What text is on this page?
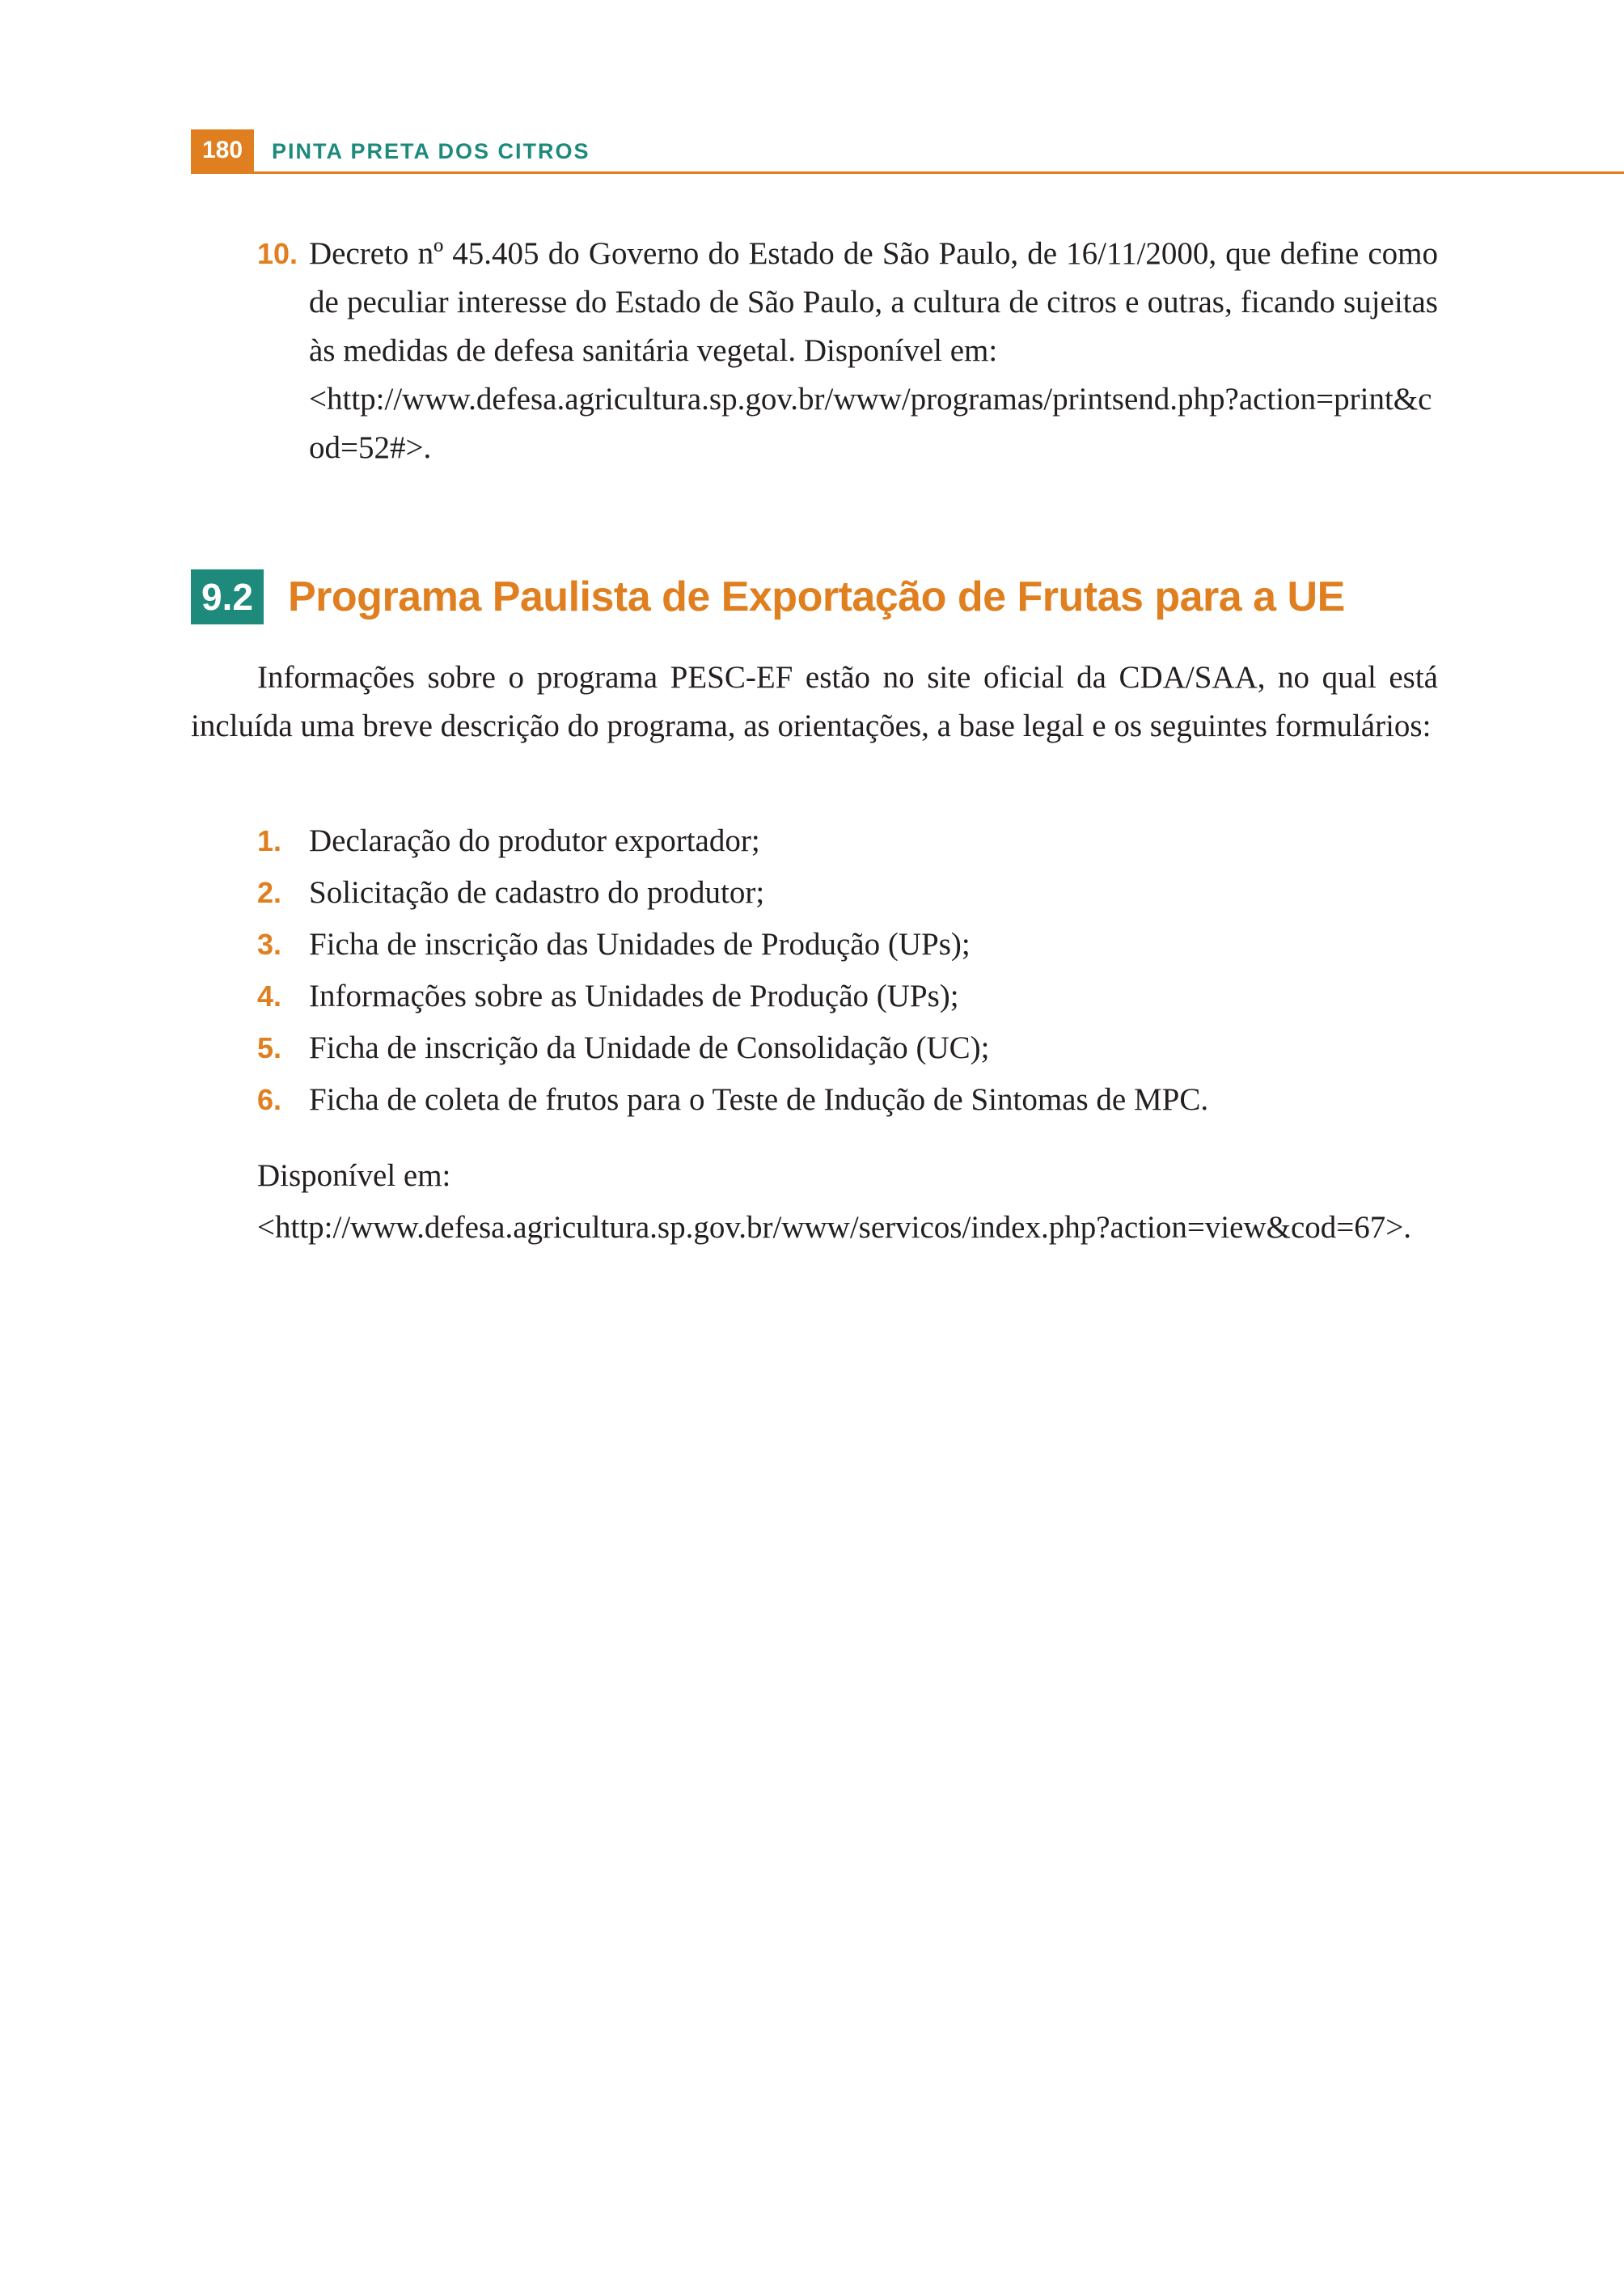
180	PINTA PRETA DOS CITROS
10. Decreto nº 45.405 do Governo do Estado de São Paulo, de 16/11/2000, que define como de peculiar interesse do Estado de São Paulo, a cultura de citros e outras, ficando sujeitas às medidas de defesa sanitária vegetal. Disponível em:
<http://www.defesa.agricultura.sp.gov.br/www/programas/printsend.php?action=print&cod=52#>.
9.2 Programa Paulista de Exportação de Frutas para a UE
Informações sobre o programa PESC-EF estão no site oficial da CDA/SAA, no qual está incluída uma breve descrição do programa, as orientações, a base legal e os seguintes formulários:
1. Declaração do produtor exportador;
2. Solicitação de cadastro do produtor;
3. Ficha de inscrição das Unidades de Produção (UPs);
4. Informações sobre as Unidades de Produção (UPs);
5. Ficha de inscrição da Unidade de Consolidação (UC);
6. Ficha de coleta de frutos para o Teste de Indução de Sintomas de MPC.
Disponível em:
<http://www.defesa.agricultura.sp.gov.br/www/servicos/index.php?action=view&cod=67>.
